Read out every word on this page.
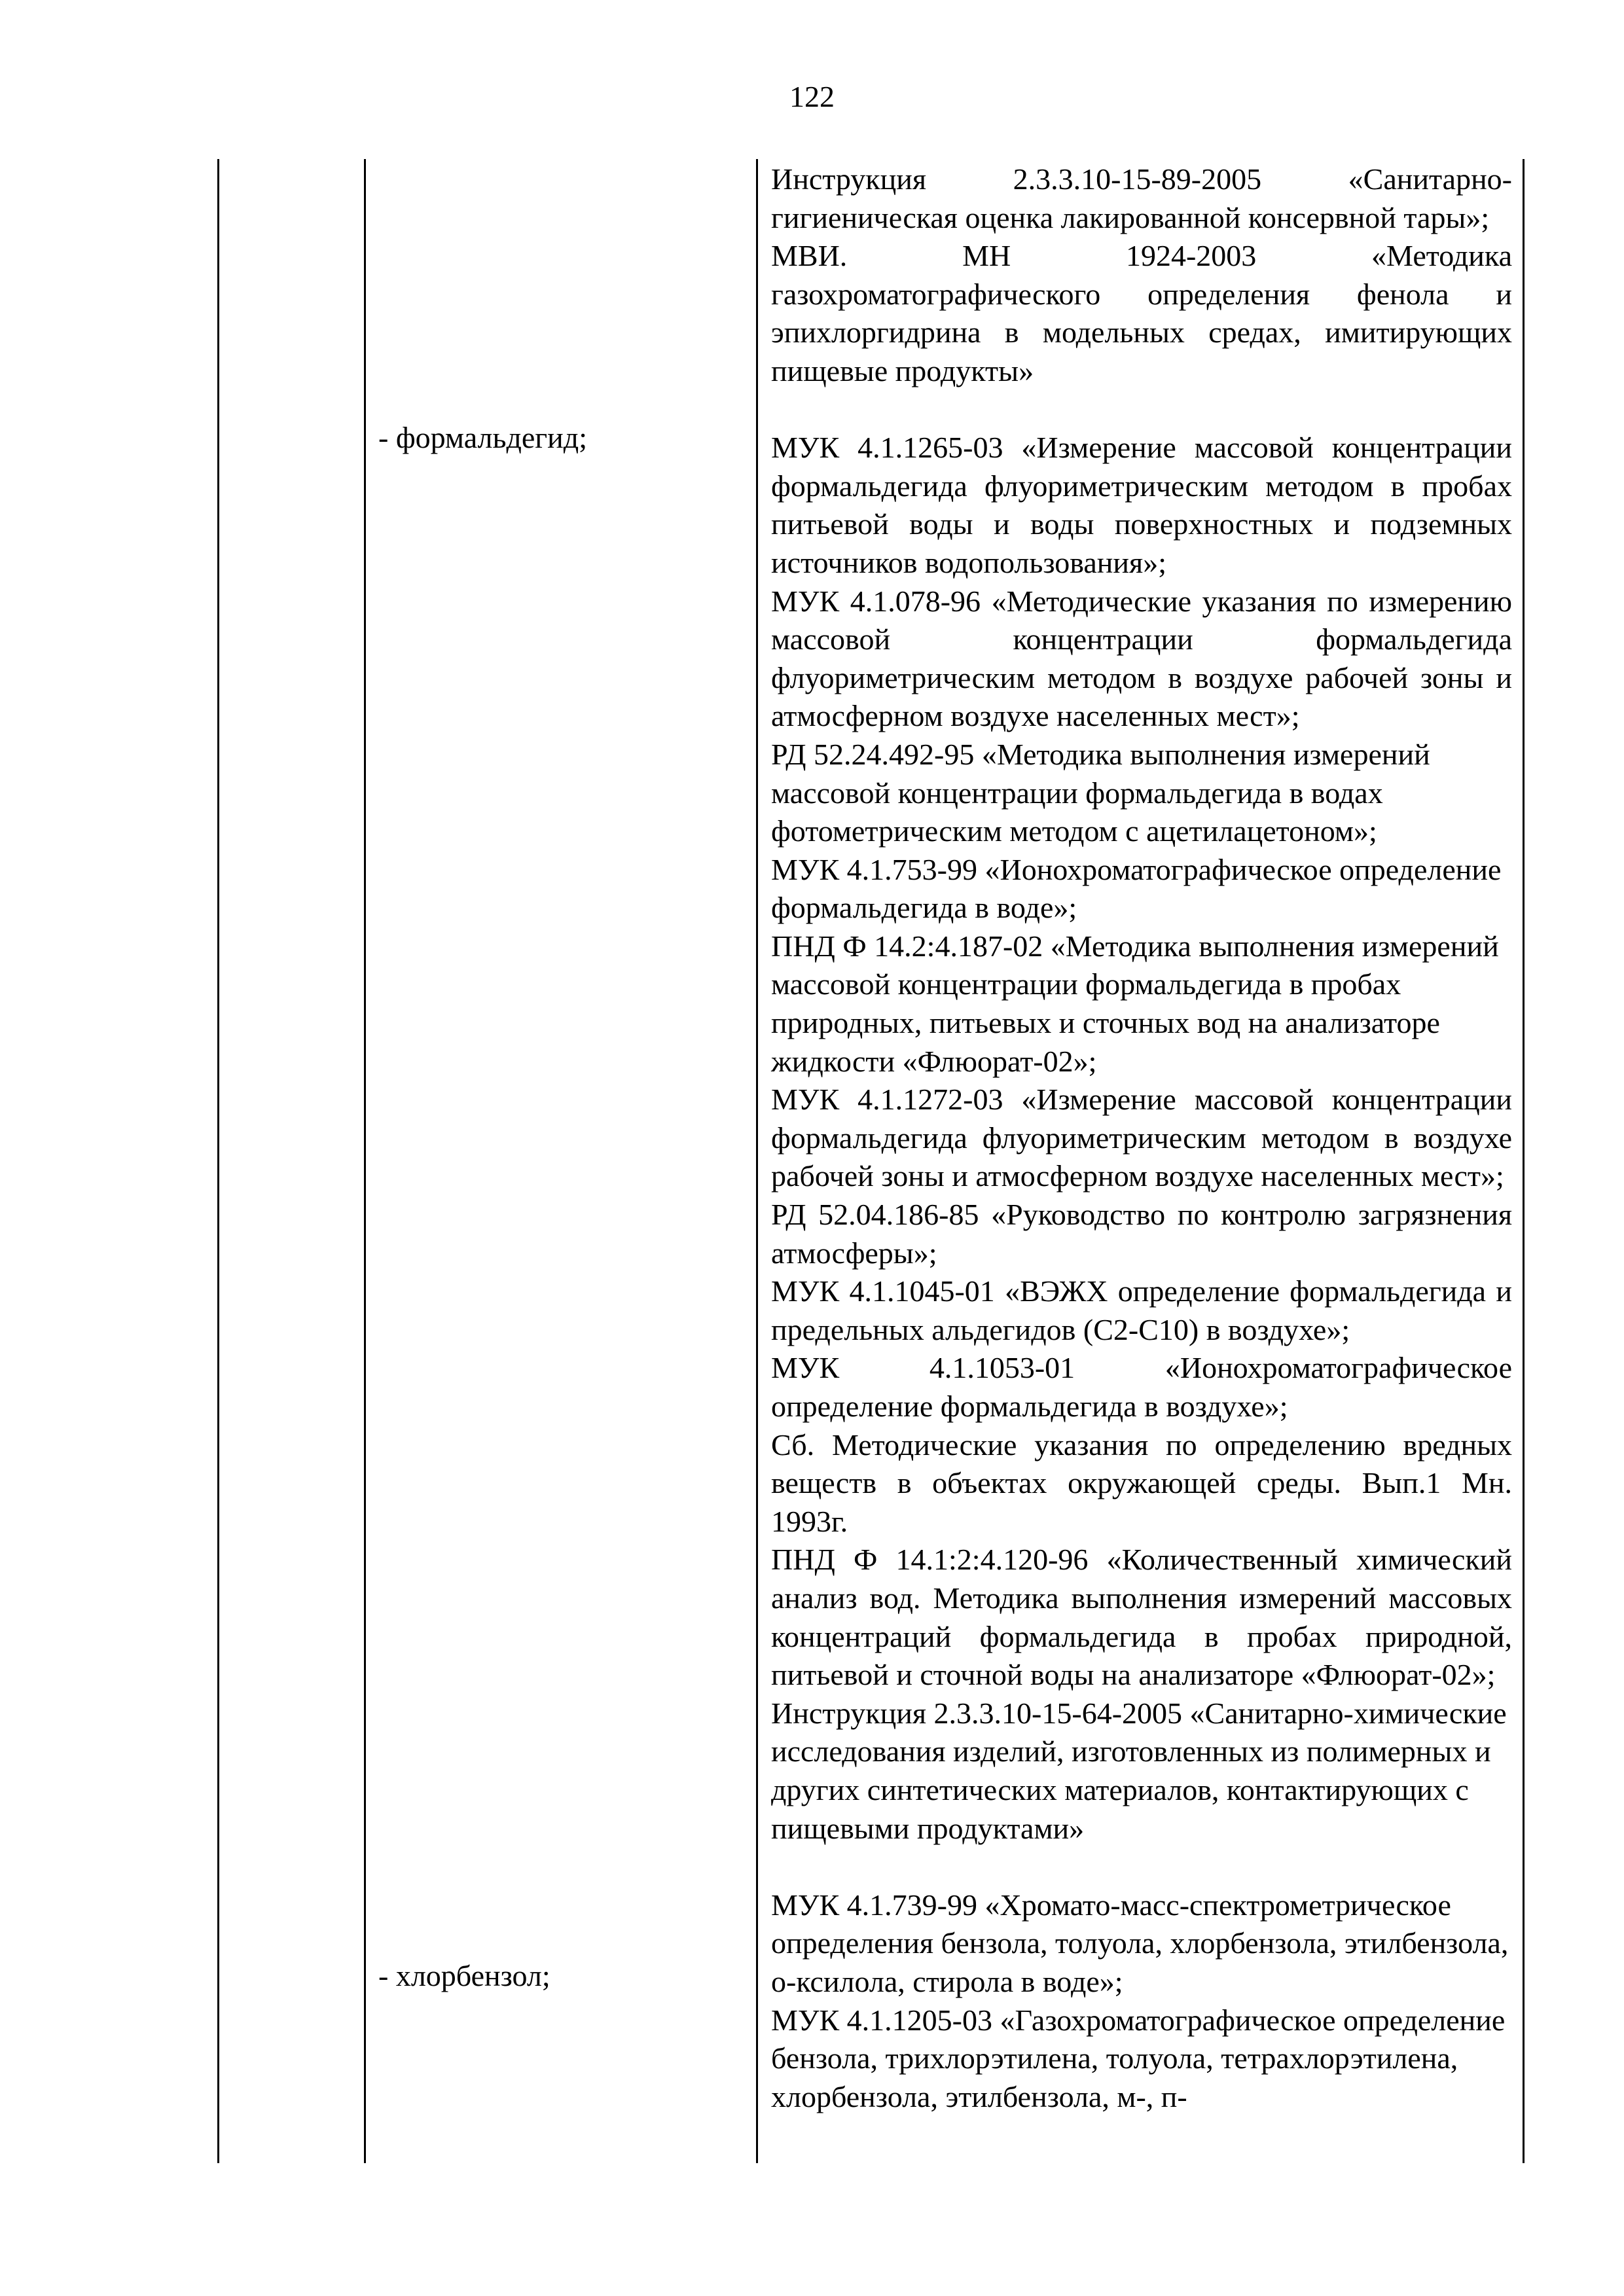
122
- формальдегид;
- хлорбензол;
Инструкция 2.3.3.10-15-89-2005 «Санитарно-гигиеническая оценка лакированной консервной тары»;
МВИ. МН 1924-2003 «Методика газохроматографического определения фенола и эпихлоргидрина в модельных средах, имитирующих пищевые продукты»
МУК 4.1.1265-03 «Измерение массовой концентрации формальдегида флуориметрическим методом в пробах питьевой воды и воды поверхностных и подземных источников водопользования»;
МУК 4.1.078-96 «Методические указания по измерению массовой концентрации формальдегида флуориметрическим методом в воздухе рабочей зоны и атмосферном воздухе населенных мест»;
РД 52.24.492-95 «Методика выполнения измерений массовой концентрации формальдегида в водах фотометрическим методом с ацетилацетоном»;
МУК 4.1.753-99 «Ионохроматографическое определение формальдегида в воде»;
ПНД Ф 14.2:4.187-02 «Методика выполнения измерений массовой концентрации формальдегида в пробах природных, питьевых и сточных вод на анализаторе жидкости «Флюорат-02»;
МУК 4.1.1272-03 «Измерение массовой концентрации формальдегида флуориметрическим методом в воздухе рабочей зоны и атмосферном воздухе населенных мест»;
РД 52.04.186-85 «Руководство по контролю загрязнения атмосферы»;
МУК 4.1.1045-01 «ВЭЖХ определение формальдегида и предельных альдегидов (С2-С10) в воздухе»;
МУК 4.1.1053-01 «Ионохроматографическое определение формальдегида в воздухе»;
Сб. Методические указания по определению вредных веществ в объектах окружающей среды. Вып.1 Мн. 1993г.
ПНД Ф 14.1:2:4.120-96 «Количественный химический анализ вод. Методика выполнения измерений массовых концентраций формальдегида в пробах природной, питьевой и сточной воды на анализаторе «Флюорат-02»;
Инструкция 2.3.3.10-15-64-2005 «Санитарно-химические исследования изделий, изготовленных из полимерных и других синтетических материалов, контактирующих с пищевыми продуктами»
МУК 4.1.739-99 «Хромато-масс-спектрометрическое определения бензола, толуола, хлорбензола, этилбензола, о-ксилола, стирола в воде»;
МУК 4.1.1205-03 «Газохроматографическое определение бензола, трихлорэтилена, толуола, тетрахлорэтилена, хлорбензола, этилбензола, м-, п-
